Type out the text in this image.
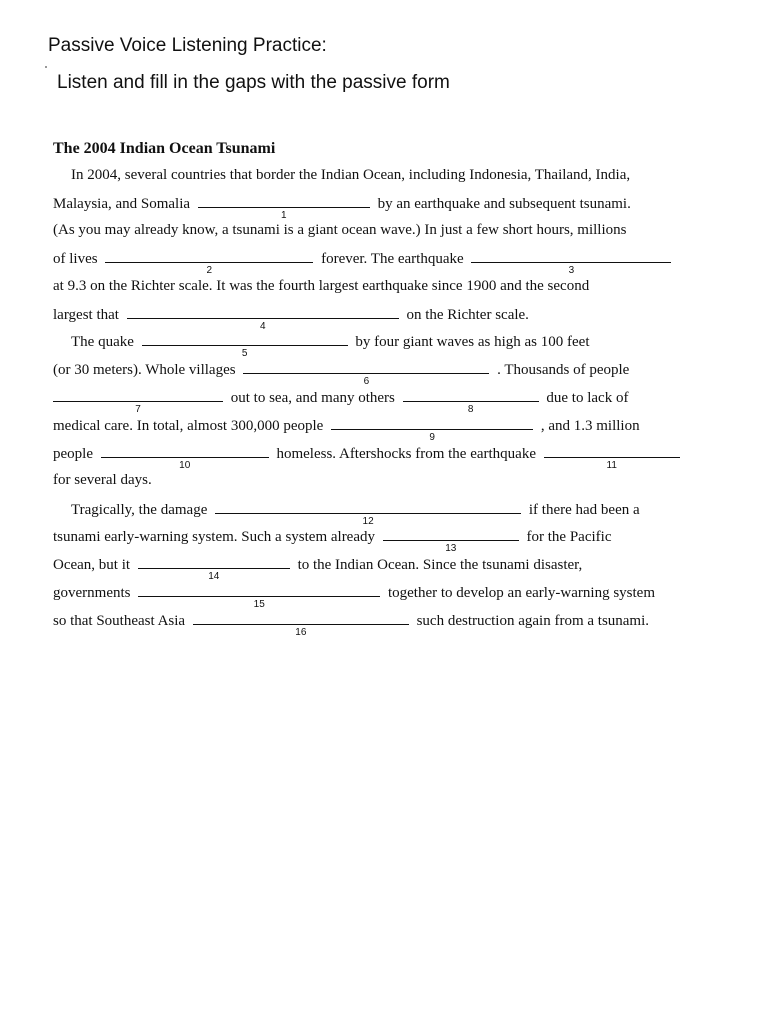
Passive Voice Listening Practice:
Listen and fill in the gaps with the passive form
The 2004 Indian Ocean Tsunami
In 2004, several countries that border the Indian Ocean, including Indonesia, Thailand, India,
Malaysia, and Somalia
1
by an earthquake and subsequent tsunami.
(As you may already know, a tsunami is a giant ocean wave.) In just a few short hours, millions
of lives
2
forever. The earthquake
3
at 9.3 on the Richter scale. It was the fourth largest earthquake since 1900 and the second
largest that
4
on the Richter scale.
The quake
5
by four giant waves as high as 100 feet
(or 30 meters). Whole villages
6
. Thousands of people
7
out to sea, and many others
8
due to lack of
medical care. In total, almost 300,000 people
9
, and 1.3 million
people
10
homeless. Aftershocks from the earthquake
11
for several days.
Tragically, the damage
12
if there had been a
tsunami early-warning system. Such a system already
13
for the Pacific
Ocean, but it
14
to the Indian Ocean. Since the tsunami disaster,
governments
15
together to develop an early-warning system
so that Southeast Asia
16
such destruction again from a tsunami.
